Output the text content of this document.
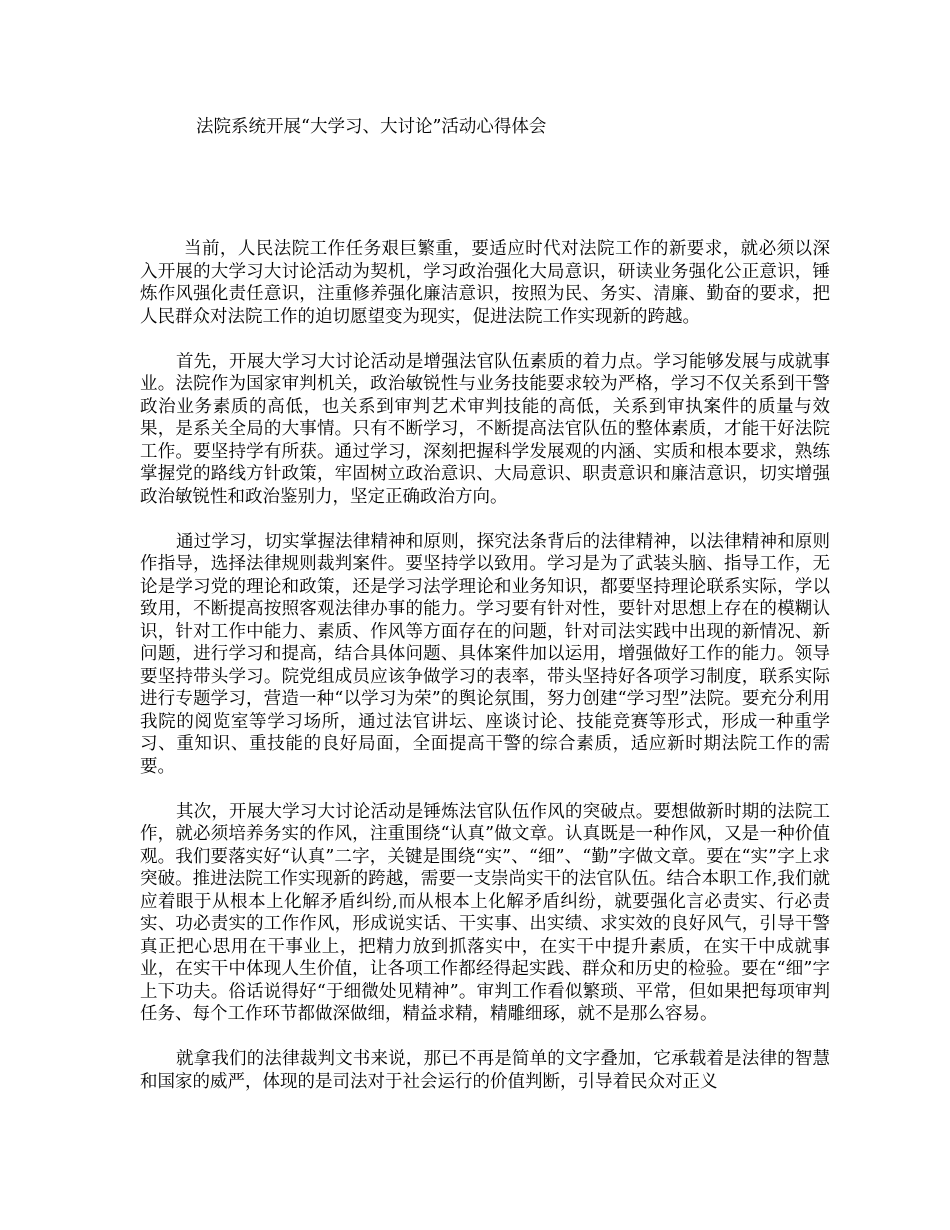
法院系统开展“大学习、大讨论”活动心得体会

当前，人民法院工作任务艰巨繁重，要适应时代对法院工作的新要求，就必须以深入开展的大学习大讨论活动为契机，学习政治强化大局意识，研读业务强化公正意识，锤炼作风强化责任意识，注重修养强化廉洁意识，按照为民、务实、清廉、勤奋的要求，把人民群众对法院工作的迫切愿望变为现实，促进法院工作实现新的跨越。

首先，开展大学习大讨论活动是增强法官队伍素质的着力点。学习能够发展与成就事业。法院作为国家审判机关，政治敏锐性与业务技能要求较为严格，学习不仅关系到干警政治业务素质的高低，也关系到审判艺术审判技能的高低，关系到审执案件的质量与效果，是系关全局的大事情。只有不断学习，不断提高法官队伍的整体素质，才能干好法院工作。要坚持学有所获。通过学习，深刻把握科学发展观的内涵、实质和根本要求，熟练掌握党的路线方针政策，牢固树立政治意识、大局意识、职责意识和廉洁意识，切实增强政治敏锐性和政治鉴别力，坚定正确政治方向。

通过学习，切实掌握法律精神和原则，探究法条背后的法律精神，以法律精神和原则作指导，选择法律规则裁判案件。要坚持学以致用。学习是为了武装头脑、指导工作，无论是学习党的理论和政策，还是学习法学理论和业务知识，都要坚持理论联系实际，学以致用，不断提高按照客观法律办事的能力。学习要有针对性，要针对思想上存在的模糊认识，针对工作中能力、素质、作风等方面存在的问题，针对司法实践中出现的新情况、新问题，进行学习和提高，结合具体问题、具体案件加以运用，增强做好工作的能力。领导要坚持带头学习。院党组成员应该争做学习的表率，带头坚持好各项学习制度，联系实际进行专题学习，营造一种“以学习为荣”的舆论氛围，努力创建“学习型”法院。要充分利用我院的阅览室等学习场所，通过法官讲坛、座谈讨论、技能竞赛等形式，形成一种重学习、重知识、重技能的良好局面，全面提高干警的综合素质，适应新时期法院工作的需要。

其次，开展大学习大讨论活动是锤炼法官队伍作风的突破点。要想做新时期的法院工作，就必须培养务实的作风，注重围绕“认真”做文章。认真既是一种作风，又是一种价值观。我们要落实好“认真”二字，关键是围绕“实”、“细”、“勤”字做文章。要在“实”字上求突破。推进法院工作实现新的跨越，需要一支崇尚实干的法官队伍。结合本职工作,我们就应着眼于从根本上化解矛盾纠纷,而从根本上化解矛盾纠纷，就要强化言必责实、行必责实、功必责实的工作作风，形成说实话、干实事、出实绩、求实效的良好风气，引导干警真正把心思用在干事业上，把精力放到抓落实中，在实干中提升素质，在实干中成就事业，在实干中体现人生价值，让各项工作都经得起实践、群众和历史的检验。要在“细”字上下功夫。俗话说得好“于细微处见精神”。审判工作看似繁琐、平常，但如果把每项审判任务、每个工作环节都做深做细，精益求精，精雕细琢，就不是那么容易。

就拿我们的法律裁判文书来说，那已不再是简单的文字叠加，它承载着是法律的智慧和国家的威严，体现的是司法对于社会运行的价值判断，引导着民众对正义
